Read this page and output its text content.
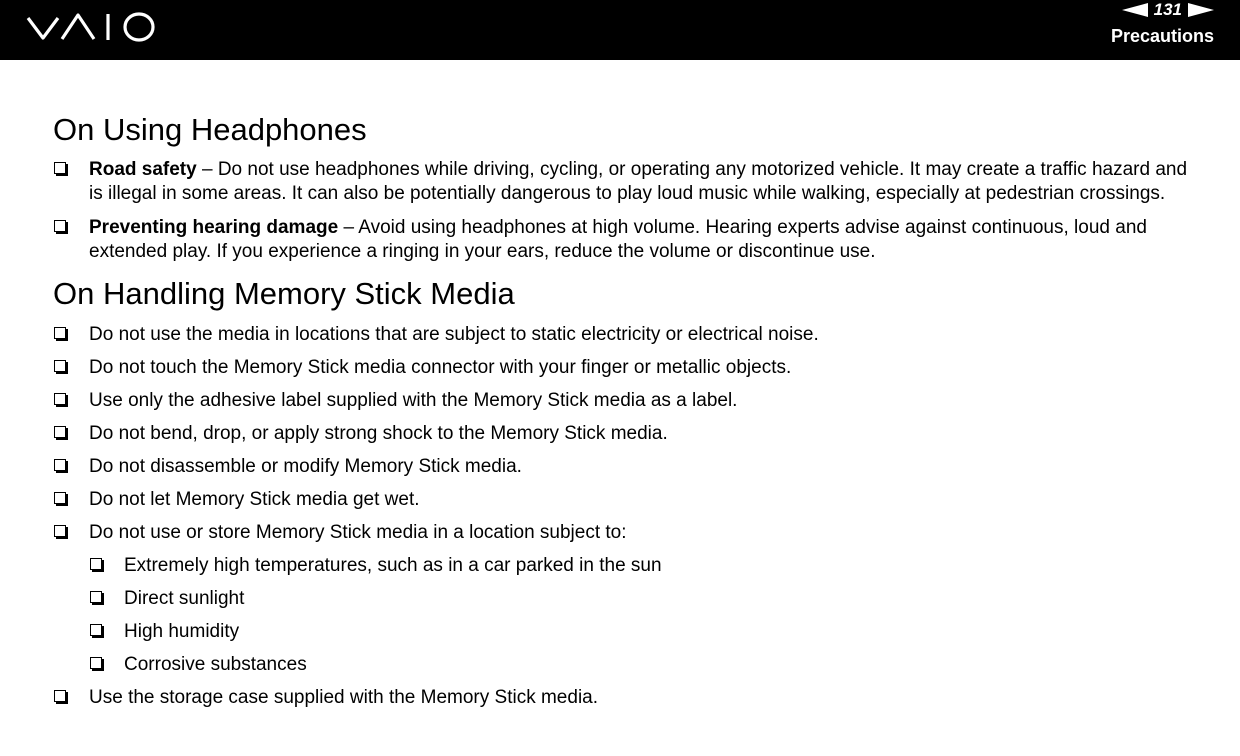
131
Precautions
On Using Headphones
Road safety – Do not use headphones while driving, cycling, or operating any motorized vehicle. It may create a traffic hazard and is illegal in some areas. It can also be potentially dangerous to play loud music while walking, especially at pedestrian crossings.
Preventing hearing damage – Avoid using headphones at high volume. Hearing experts advise against continuous, loud and extended play. If you experience a ringing in your ears, reduce the volume or discontinue use.
On Handling Memory Stick Media
Do not use the media in locations that are subject to static electricity or electrical noise.
Do not touch the Memory Stick media connector with your finger or metallic objects.
Use only the adhesive label supplied with the Memory Stick media as a label.
Do not bend, drop, or apply strong shock to the Memory Stick media.
Do not disassemble or modify Memory Stick media.
Do not let Memory Stick media get wet.
Do not use or store Memory Stick media in a location subject to:
Extremely high temperatures, such as in a car parked in the sun
Direct sunlight
High humidity
Corrosive substances
Use the storage case supplied with the Memory Stick media.
